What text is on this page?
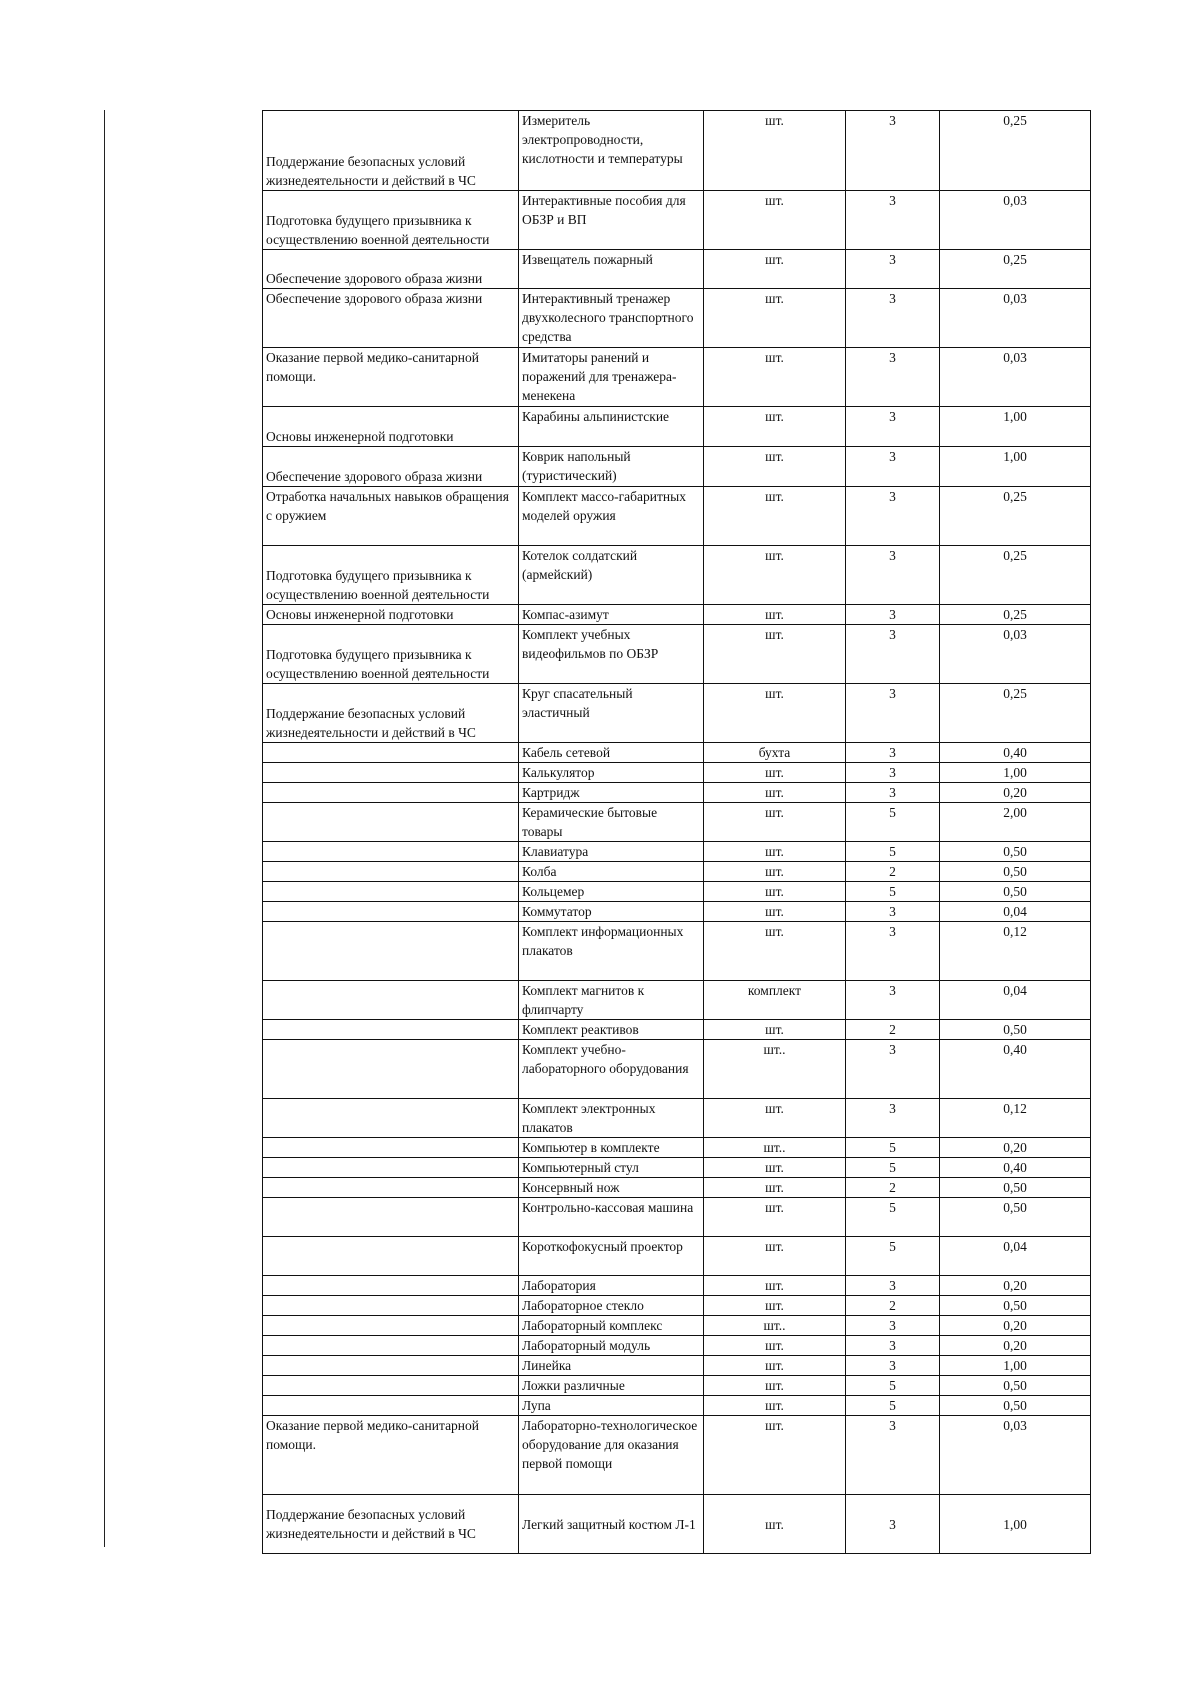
Поддержание безопасных условий жизнедеятельности и действий в ЧС	Измеритель электропроводности, кислотности и температуры	шт.	3	0,25
Подготовка будущего призывника к осуществлению военной деятельности	Интерактивные пособия для ОБЗР и ВП	шт.	3	0,03
Обеспечение здорового образа жизни	Извещатель пожарный	шт.	3	0,25
Обеспечение здорового образа жизни	Интерактивный тренажер двухколесного транспортного средства	шт.	3	0,03
Оказание первой медико-санитарной помощи.	Имитаторы ранений и поражений для тренажера-менекена	шт.	3	0,03
Основы инженерной подготовки	Карабины альпинистские	шт.	3	1,00
Обеспечение здорового образа жизни	Коврик напольный (туристический)	шт.	3	1,00
Отработка начальных навыков обращения с оружием	Комплект массо-габаритных моделей оружия	шт.	3	0,25
Подготовка будущего призывника к осуществлению военной деятельности	Котелок солдатский (армейский)	шт.	3	0,25
Основы инженерной подготовки	Компас-азимут	шт.	3	0,25
Подготовка будущего призывника к осуществлению военной деятельности	Комплект учебных видеофильмов по ОБЗР	шт.	3	0,03
Поддержание безопасных условий жизнедеятельности и действий в ЧС	Круг спасательный эластичный	шт.	3	0,25
	Кабель сетевой	бухта	3	0,40
	Калькулятор	шт.	3	1,00
	Картридж	шт.	3	0,20
	Керамические бытовые товары	шт.	5	2,00
	Клавиатура	шт.	5	0,50
	Колба	шт.	2	0,50
	Кольцемер	шт.	5	0,50
	Коммутатор	шт.	3	0,04
	Комплект информационных плакатов	шт.	3	0,12
	Комплект магнитов к флипчарту	комплект	3	0,04
	Комплект реактивов	шт.	2	0,50
	Комплект учебно-лабораторного оборудования	шт..	3	0,40
	Комплект электронных плакатов	шт.	3	0,12
	Компьютер в комплекте	шт..	5	0,20
	Компьютерный стул	шт.	5	0,40
	Консервный нож	шт.	2	0,50
	Контрольно-кассовая машина	шт.	5	0,50
	Короткофокусный проектор	шт.	5	0,04
	Лаборатория	шт.	3	0,20
	Лабораторное стекло	шт.	2	0,50
	Лабораторный комплекс	шт..	3	0,20
	Лабораторный модуль	шт.	3	0,20
	Линейка	шт.	3	1,00
	Ложки различные	шт.	5	0,50
	Лупа	шт.	5	0,50
Оказание первой медико-санитарной помощи.	Лабораторно-технологическое оборудование для оказания первой помощи	шт.	3	0,03
Поддержание безопасных условий жизнедеятельности и действий в ЧС	Легкий защитный костюм Л-1	шт.	3	1,00
